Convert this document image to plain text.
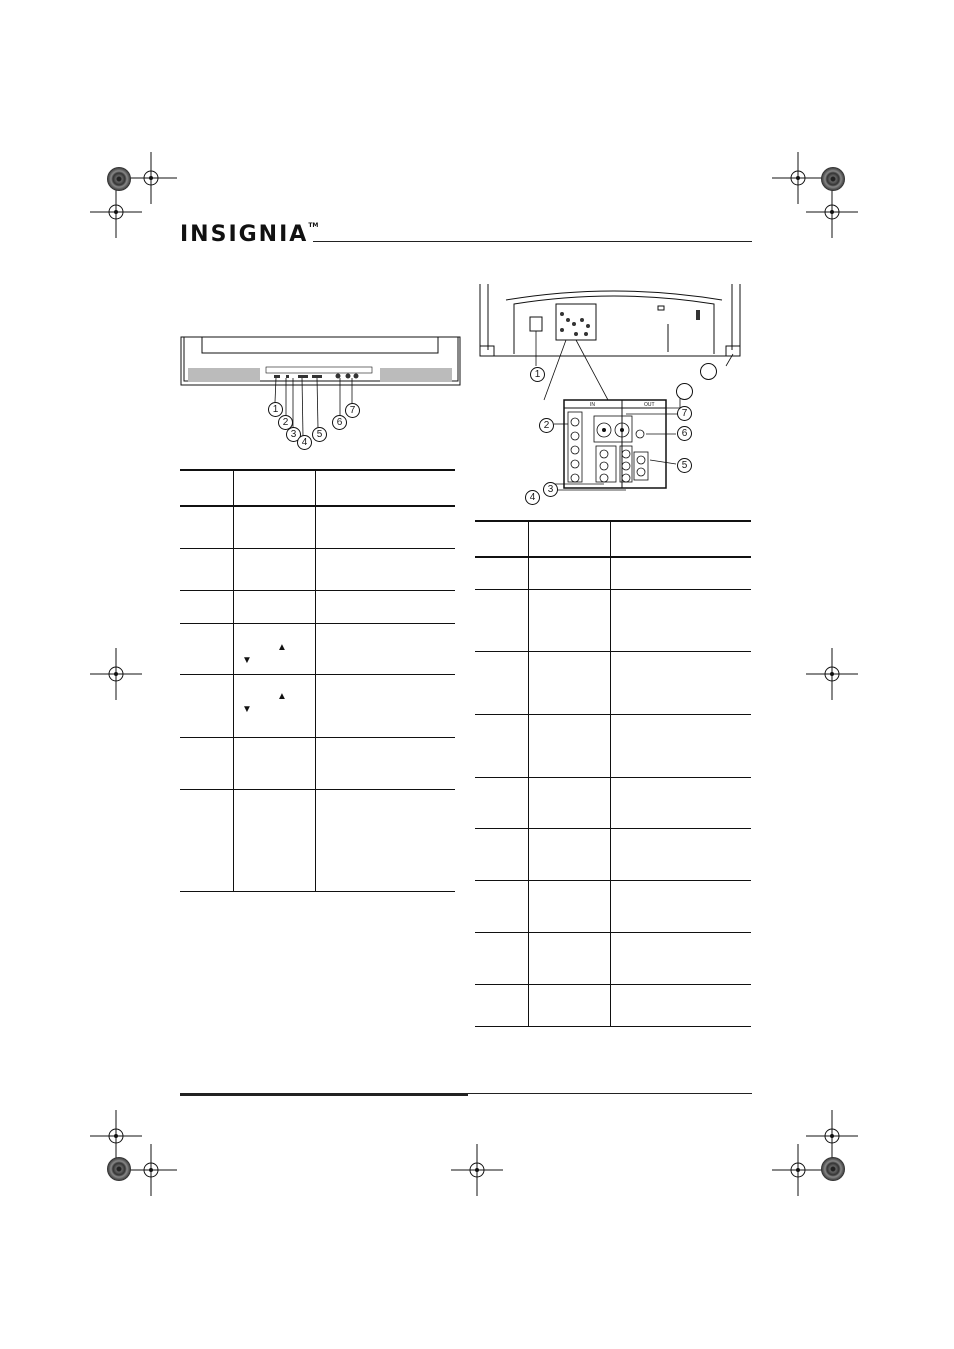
INSIGNIA™
1
2
3
4
5
6
7
▲
▼
▲
▼
IN	OUT
1
2
3
4
5
6
7
